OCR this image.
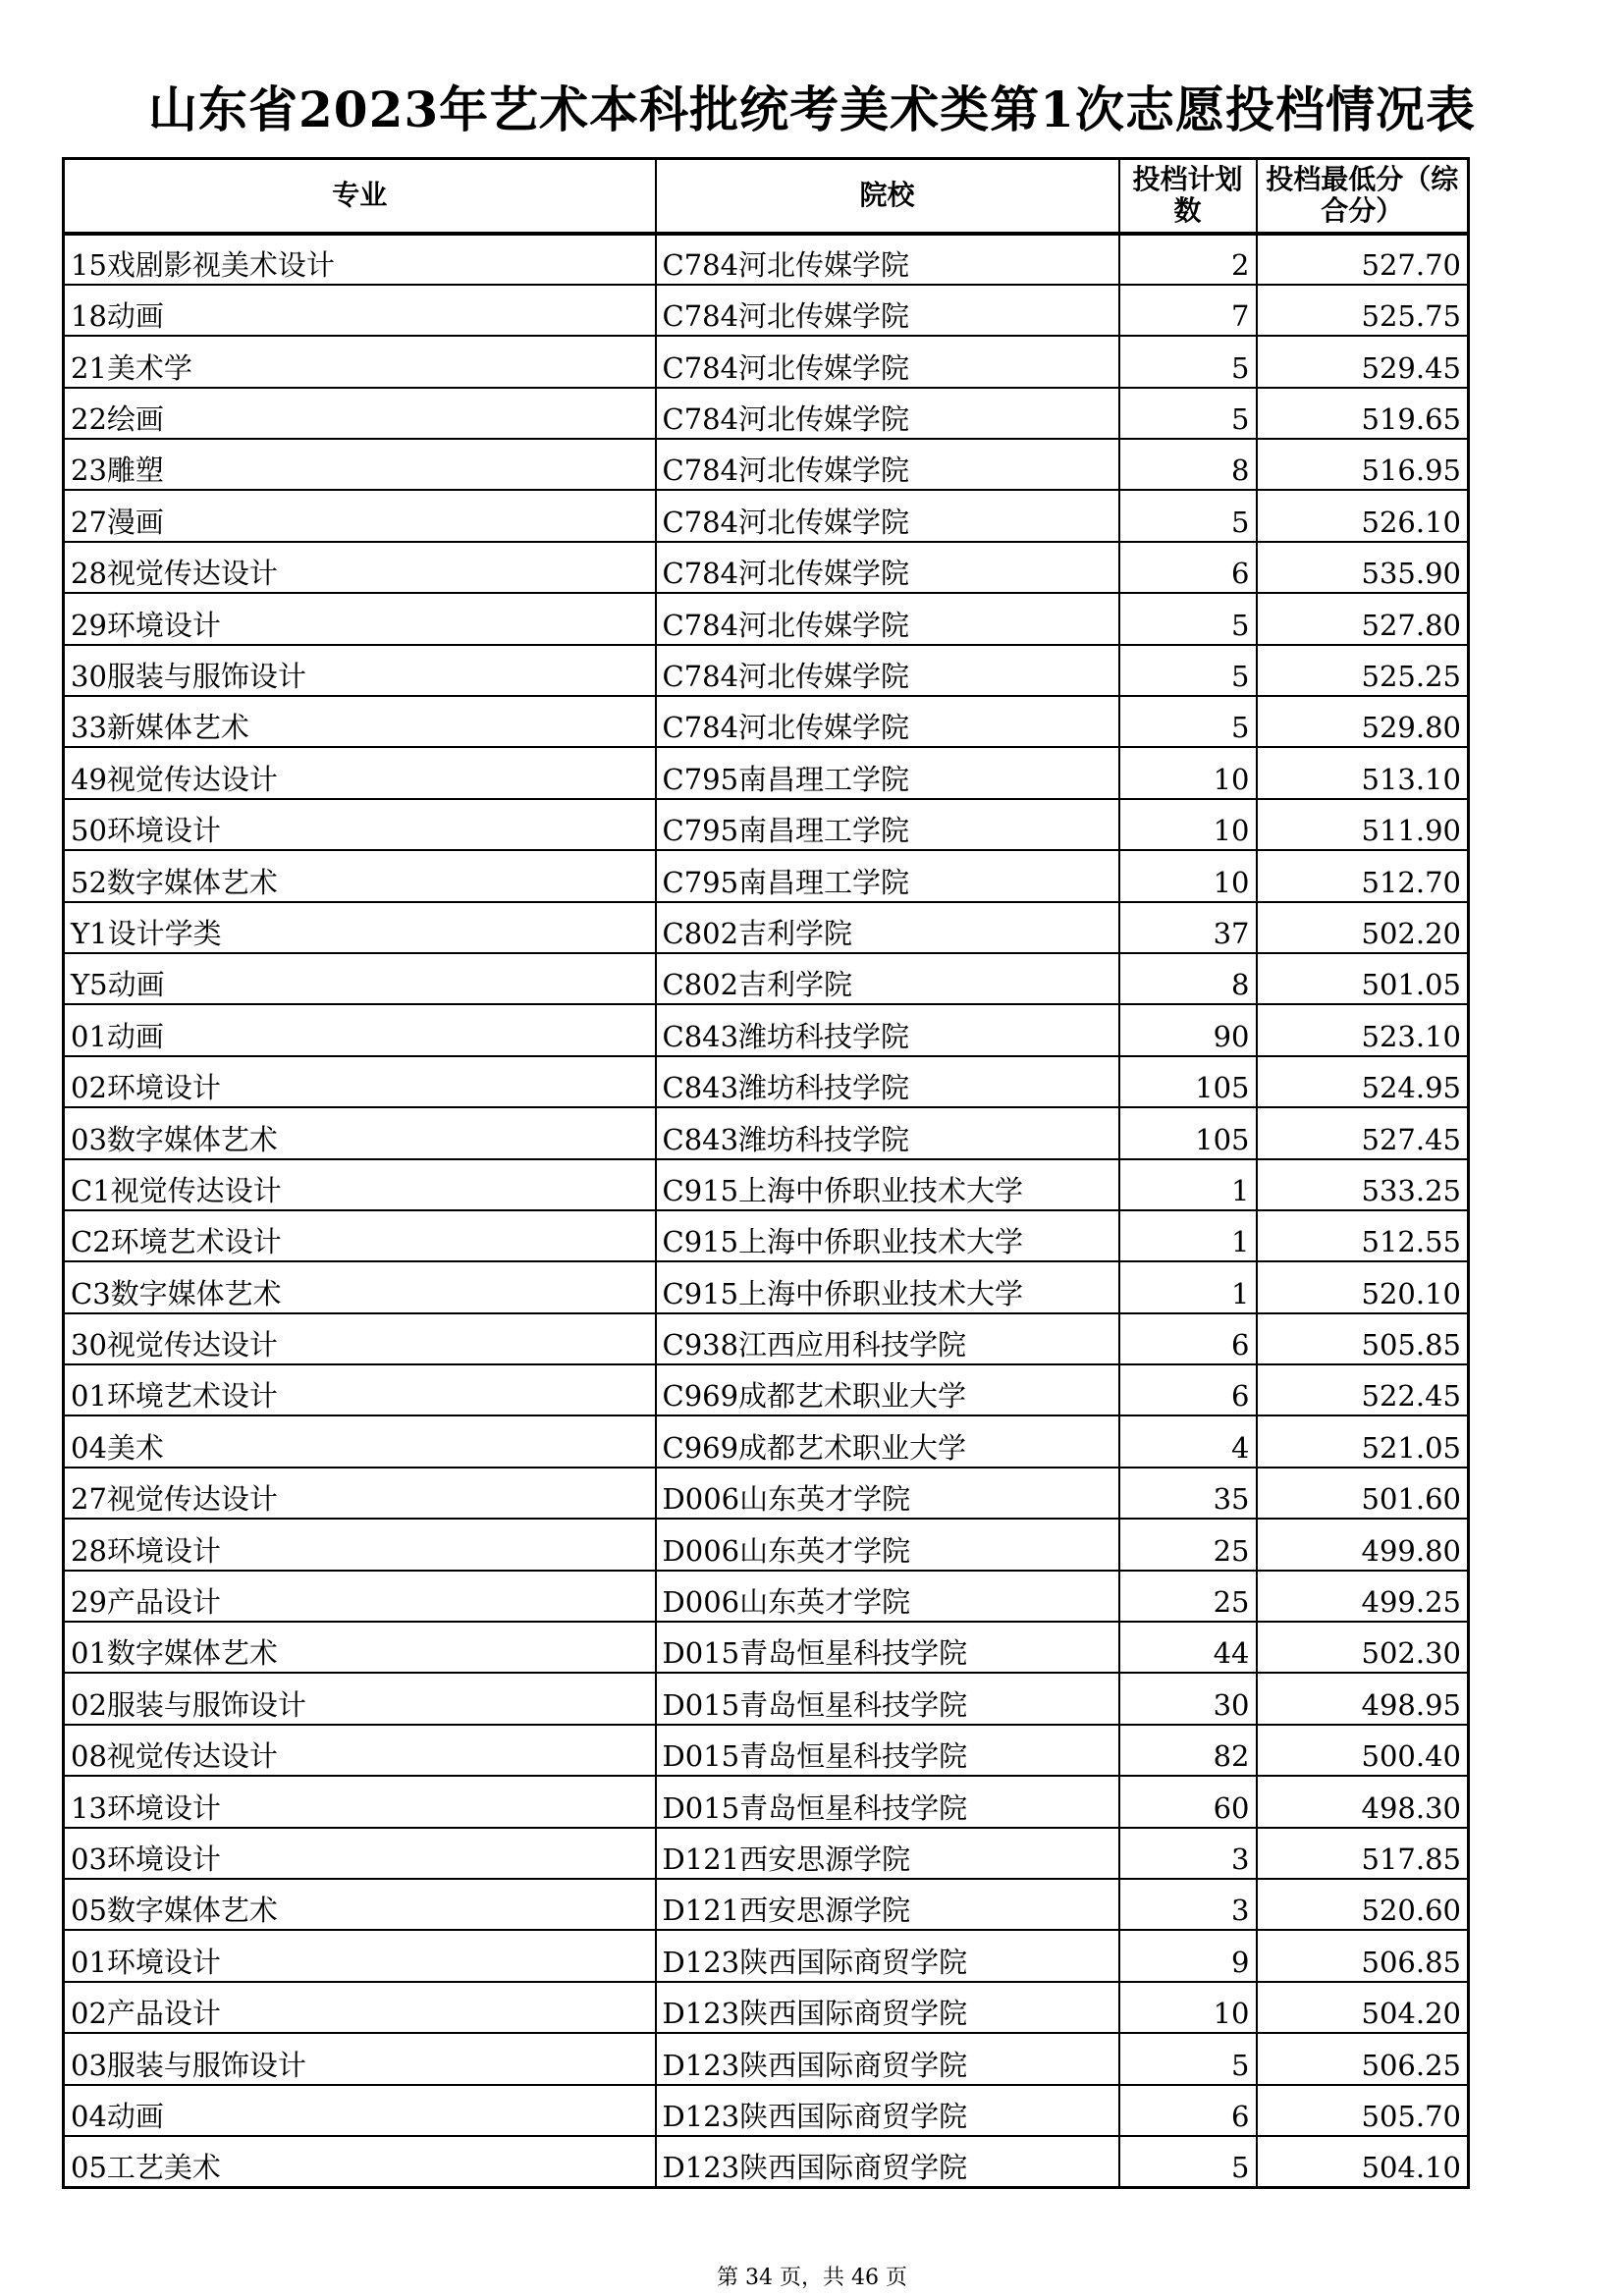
山东省2023年艺术本科批统考美术类第1次志愿投档情况表
专业	院校	投档计划数	投档最低分（综合分）
15戏剧影视美术设计	C784河北传媒学院	2	527.70
18动画	C784河北传媒学院	7	525.75
21美术学	C784河北传媒学院	5	529.45
22绘画	C784河北传媒学院	5	519.65
23雕塑	C784河北传媒学院	8	516.95
27漫画	C784河北传媒学院	5	526.10
28视觉传达设计	C784河北传媒学院	6	535.90
29环境设计	C784河北传媒学院	5	527.80
30服装与服饰设计	C784河北传媒学院	5	525.25
33新媒体艺术	C784河北传媒学院	5	529.80
49视觉传达设计	C795南昌理工学院	10	513.10
50环境设计	C795南昌理工学院	10	511.90
52数字媒体艺术	C795南昌理工学院	10	512.70
Y1设计学类	C802吉利学院	37	502.20
Y5动画	C802吉利学院	8	501.05
01动画	C843潍坊科技学院	90	523.10
02环境设计	C843潍坊科技学院	105	524.95
03数字媒体艺术	C843潍坊科技学院	105	527.45
C1视觉传达设计	C915上海中侨职业技术大学	1	533.25
C2环境艺术设计	C915上海中侨职业技术大学	1	512.55
C3数字媒体艺术	C915上海中侨职业技术大学	1	520.10
30视觉传达设计	C938江西应用科技学院	6	505.85
01环境艺术设计	C969成都艺术职业大学	6	522.45
04美术	C969成都艺术职业大学	4	521.05
27视觉传达设计	D006山东英才学院	35	501.60
28环境设计	D006山东英才学院	25	499.80
29产品设计	D006山东英才学院	25	499.25
01数字媒体艺术	D015青岛恒星科技学院	44	502.30
02服装与服饰设计	D015青岛恒星科技学院	30	498.95
08视觉传达设计	D015青岛恒星科技学院	82	500.40
13环境设计	D015青岛恒星科技学院	60	498.30
03环境设计	D121西安思源学院	3	517.85
05数字媒体艺术	D121西安思源学院	3	520.60
01环境设计	D123陕西国际商贸学院	9	506.85
02产品设计	D123陕西国际商贸学院	10	504.20
03服装与服饰设计	D123陕西国际商贸学院	5	506.25
04动画	D123陕西国际商贸学院	6	505.70
05工艺美术	D123陕西国际商贸学院	5	504.10
第 34 页，共 46 页
